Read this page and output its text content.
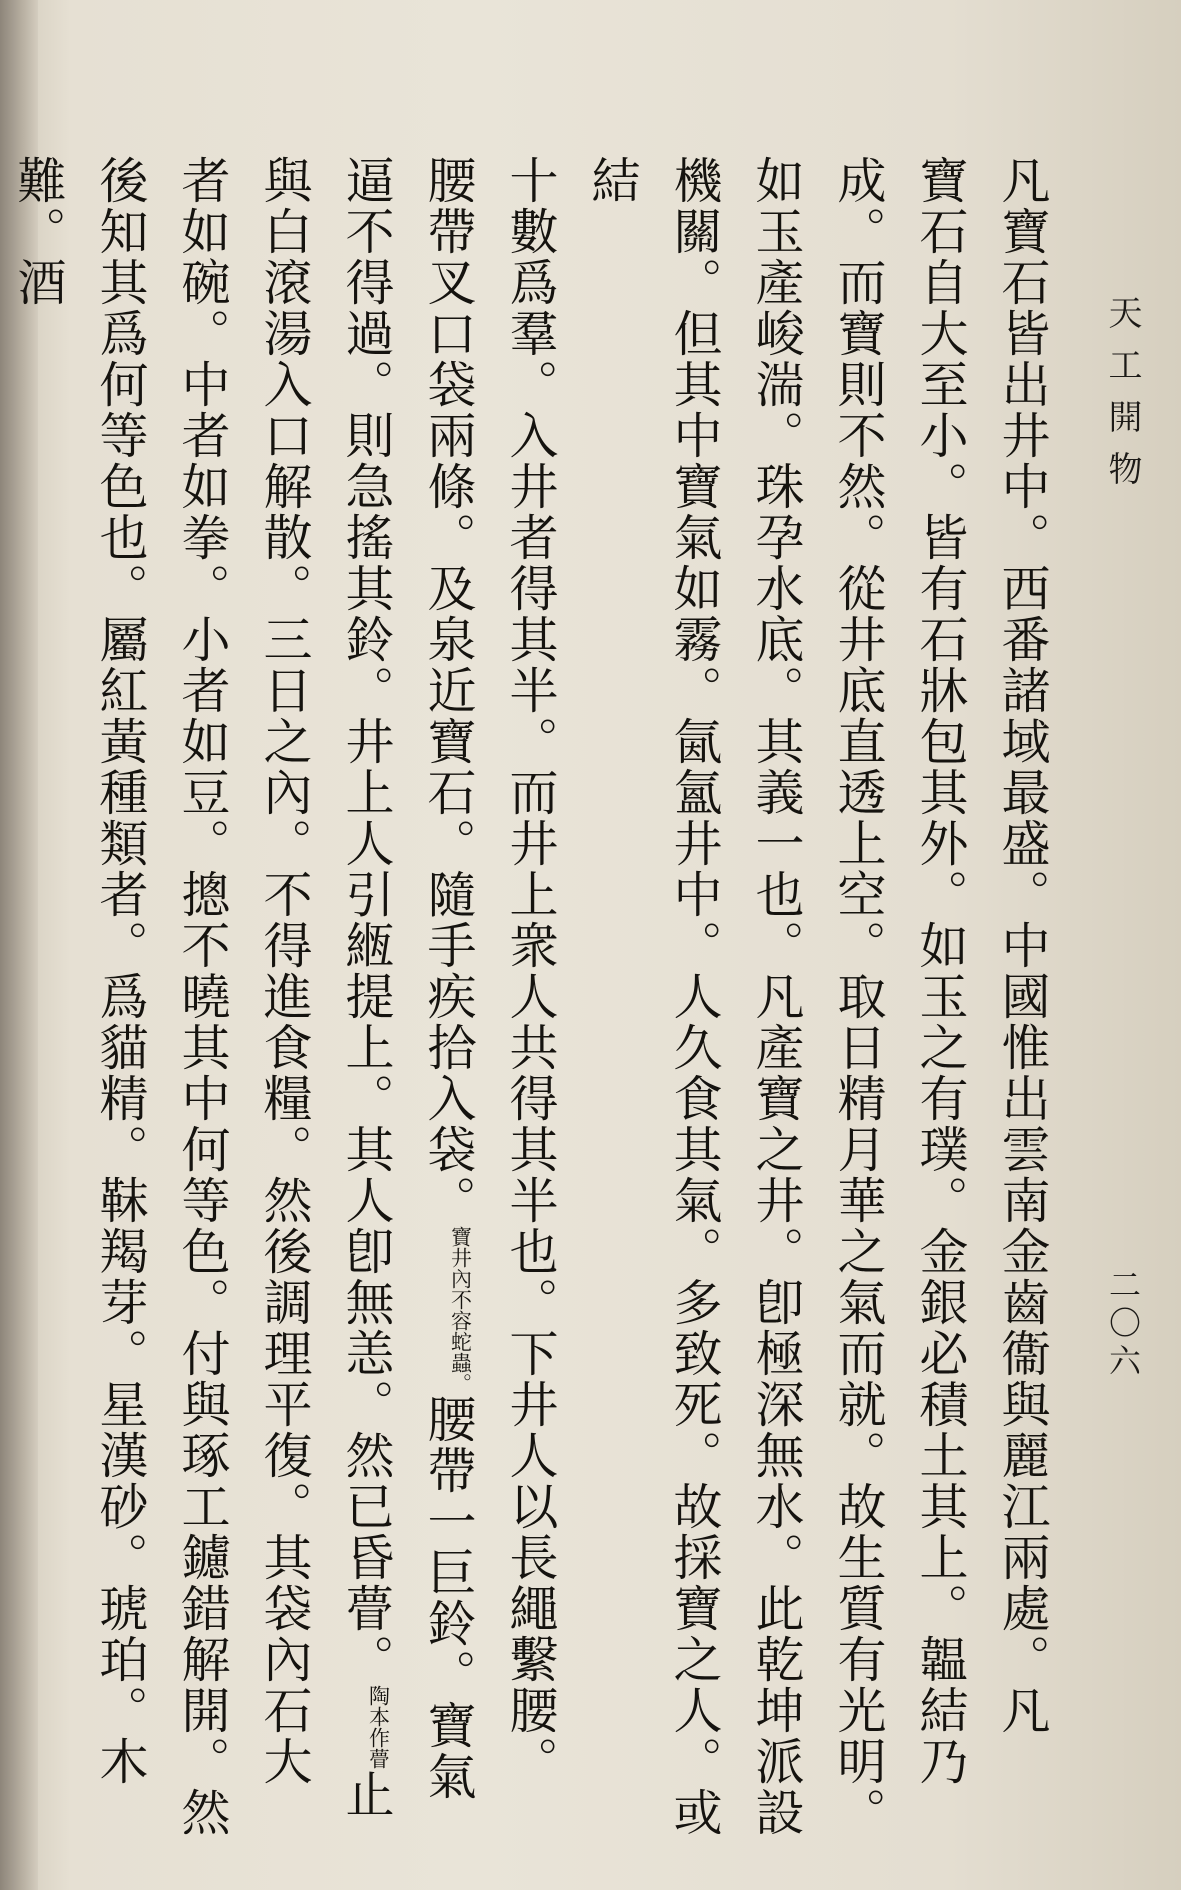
天工開物
二〇六
凡寶石皆出井中。西番諸域最盛。中國惟出雲南金齒衞與麗江兩處。凡
寶石自大至小。皆有石牀包其外。如玉之有璞。金銀必積土其上。韞結乃
成。而寶則不然。從井底直透上空。取日精月華之氣而就。故生質有光明。
如玉產峻湍。珠孕水底。其義一也。凡產寶之井。卽極深無水。此乾坤派設
機關。但其中寶氣如霧。氤氳井中。人久食其氣。多致死。故採寶之人。或結
十數爲羣。入井者得其半。而井上衆人共得其半也。下井人以長繩繫腰。
腰帶叉口袋兩條。及泉近寶石。隨手疾拾入袋。寶井內不容蛇蟲。腰帶一巨鈴。寶氣
逼不得過。則急搖其鈴。井上人引緪提上。其人卽無恙。然已昏瞢。陶本作瞢止
與白滾湯入口解散。三日之內。不得進食糧。然後調理平復。其袋內石大
者如碗。中者如拳。小者如豆。摠不曉其中何等色。付與琢工鑢錯解開。然
後知其爲何等色也。屬紅黃種類者。爲貓精。靺羯芽。星漢砂。琥珀。木難。酒
